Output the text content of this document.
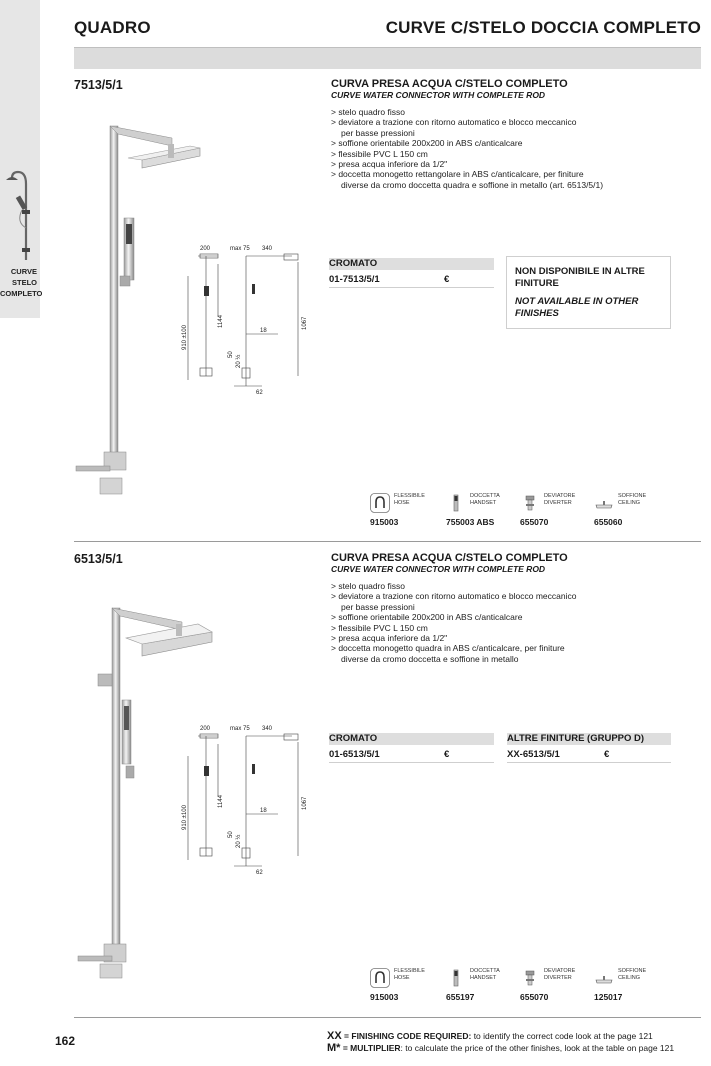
CURVE
STELO
COMPLETO
QUADRO	CURVE C/STELO DOCCIA COMPLETO
7513/5/1	CURVA PRESA ACQUA C/STELO COMPLETO
CURVE WATER CONNECTOR WITH COMPLETE ROD
> stelo quadro fisso
> deviatore a trazione con ritorno automatico e blocco meccanico
per basse pressioni
> soffione orientabile 200x200 in ABS c/anticalcare
> flessibile PVC L 150 cm
> presa acqua inferiore da 1/2"
> doccetta monogetto rettangolare in ABS c/anticalcare, per finiture
diverse da cromo doccetta quadra e soffione in metallo (art. 6513/5/1)
200	max 75 340
910 ±100
1144
18
50 20 ½
1067
62
CROMATO
01-7513/5/1	€
NON DISPONIBILE IN ALTRE FINITURE
NOT AVAILABLE IN OTHER FINISHES
FLESSIBILE
HOSE
915003
DOCCETTA
HANDSET
755003 ABS
DEVIATORE
DIVERTER
655070
SOFFIONE
CEILING
655060
6513/5/1	CURVA PRESA ACQUA C/STELO COMPLETO
CURVE WATER CONNECTOR WITH COMPLETE ROD
> stelo quadro fisso
> deviatore a trazione con ritorno automatico e blocco meccanico
per basse pressioni
> soffione orientabile 200x200 in ABS c/anticalcare
> flessibile PVC L 150 cm
> presa acqua inferiore da 1/2"
> doccetta monogetto quadra in ABS c/anticalcare, per finiture
diverse da cromo doccetta e soffione in metallo
200	max 75 340
910 ±100
1144
18
50 20 ½
1067
62
CROMATO
01-6513/5/1	€
ALTRE FINITURE (GRUPPO D)
XX-6513/5/1	€
FLESSIBILE
HOSE
915003
DOCCETTA
HANDSET
655197
DEVIATORE
DIVERTER
655070
SOFFIONE
CEILING
125017
162	XX = FINISHING CODE REQUIRED: to identify the correct code look at the page 121
M* = MULTIPLIER: to calculate the price of the other finishes, look at the table on page 121
